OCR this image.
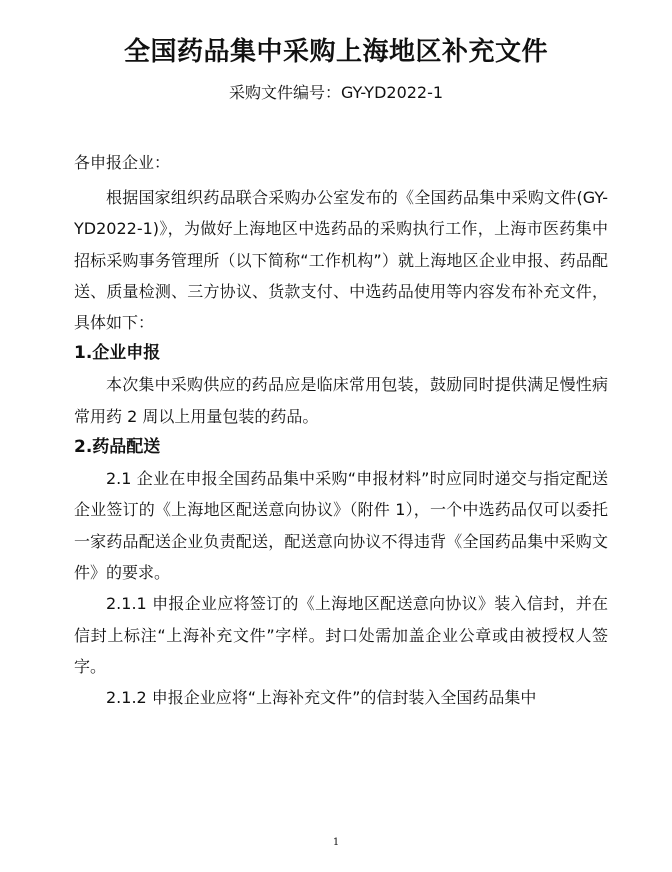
全国药品集中采购上海地区补充文件
采购文件编号：GY-YD2022-1

各申报企业：

根据国家组织药品联合采购办公室发布的《全国药品集中采购文件(GY-YD2022-1)》，为做好上海地区中选药品的采购执行工作，上海市医药集中招标采购事务管理所（以下简称“工作机构”）就上海地区企业申报、药品配送、质量检测、三方协议、货款支付、中选药品使用等内容发布补充文件，具体如下：

1.企业申报

本次集中采购供应的药品应是临床常用包装，鼓励同时提供满足慢性病常用药 2 周以上用量包装的药品。

2.药品配送

2.1 企业在申报全国药品集中采购“申报材料”时应同时递交与指定配送企业签订的《上海地区配送意向协议》（附件 1），一个中选药品仅可以委托一家药品配送企业负责配送，配送意向协议不得违背《全国药品集中采购文件》的要求。

2.1.1 申报企业应将签订的《上海地区配送意向协议》装入信封，并在信封上标注“上海补充文件”字样。封口处需加盖企业公章或由被授权人签字。

2.1.2 申报企业应将“上海补充文件”的信封装入全国药品集中

1
